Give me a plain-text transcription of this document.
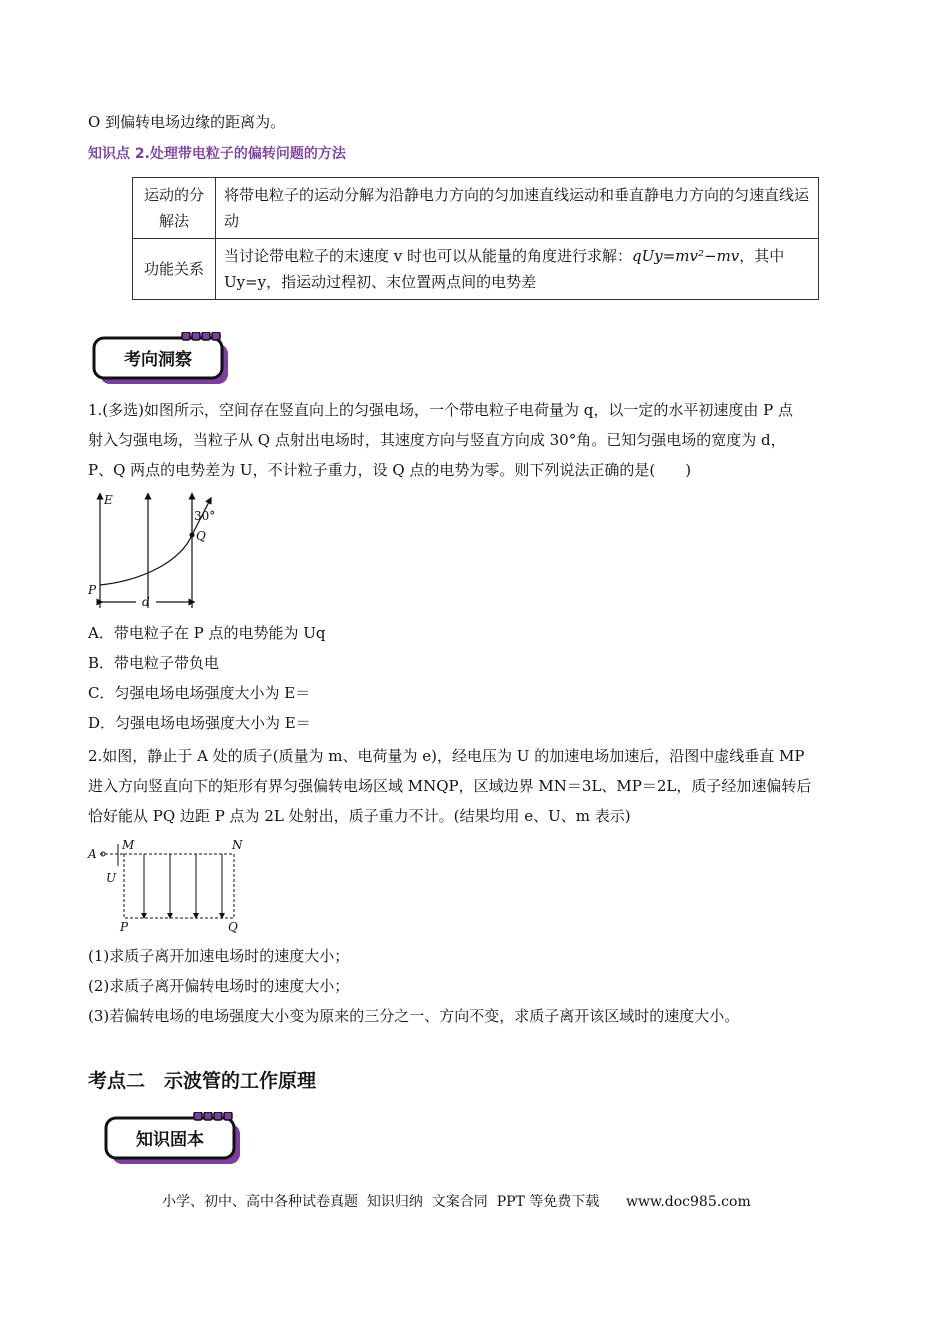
O 到偏转电场边缘的距离为。
知识点 2.处理带电粒子的偏转问题的方法
运动的分解法	将带电粒子的运动分解为沿静电力方向的匀加速直线运动和垂直静电力方向的匀速直线运动
功能关系	当讨论带电粒子的末速度 v 时也可以从能量的角度进行求解：qUy=mv²−mv，其中 Uy=y，指运动过程初、末位置两点间的电势差
考向洞察
1.(多选)如图所示，空间存在竖直向上的匀强电场，一个带电粒子电荷量为 q，以一定的水平初速度由 P 点
射入匀强电场，当粒子从 Q 点射出电场时，其速度方向与竖直方向成 30°角。已知匀强电场的宽度为 d，
P、Q 两点的电势差为 U，不计粒子重力，设 Q 点的电势为零。则下列说法正确的是(　　)
E
30°
Q
P
d
A．带电粒子在 P 点的电势能为 Uq
B．带电粒子带负电
C．匀强电场电场强度大小为 E＝
D．匀强电场电场强度大小为 E＝
2.如图，静止于 A 处的质子(质量为 m、电荷量为 e)，经电压为 U 的加速电场加速后，沿图中虚线垂直 MP
进入方向竖直向下的矩形有界匀强偏转电场区域 MNQP，区域边界 MN＝3L、MP＝2L，质子经加速偏转后
恰好能从 PQ 边距 P 点为 2L 处射出，质子重力不计。(结果均用 e、U、m 表示)
A
M	N
U
P	Q
(1)求质子离开加速电场时的速度大小；
(2)求质子离开偏转电场时的速度大小；
(3)若偏转电场的电场强度大小变为原来的三分之一、方向不变，求质子离开该区域时的速度大小。
考点二　示波管的工作原理
知识固本
小学、初中、高中各种试卷真题  知识归纳  文案合同  PPT 等免费下载      www.doc985.com
